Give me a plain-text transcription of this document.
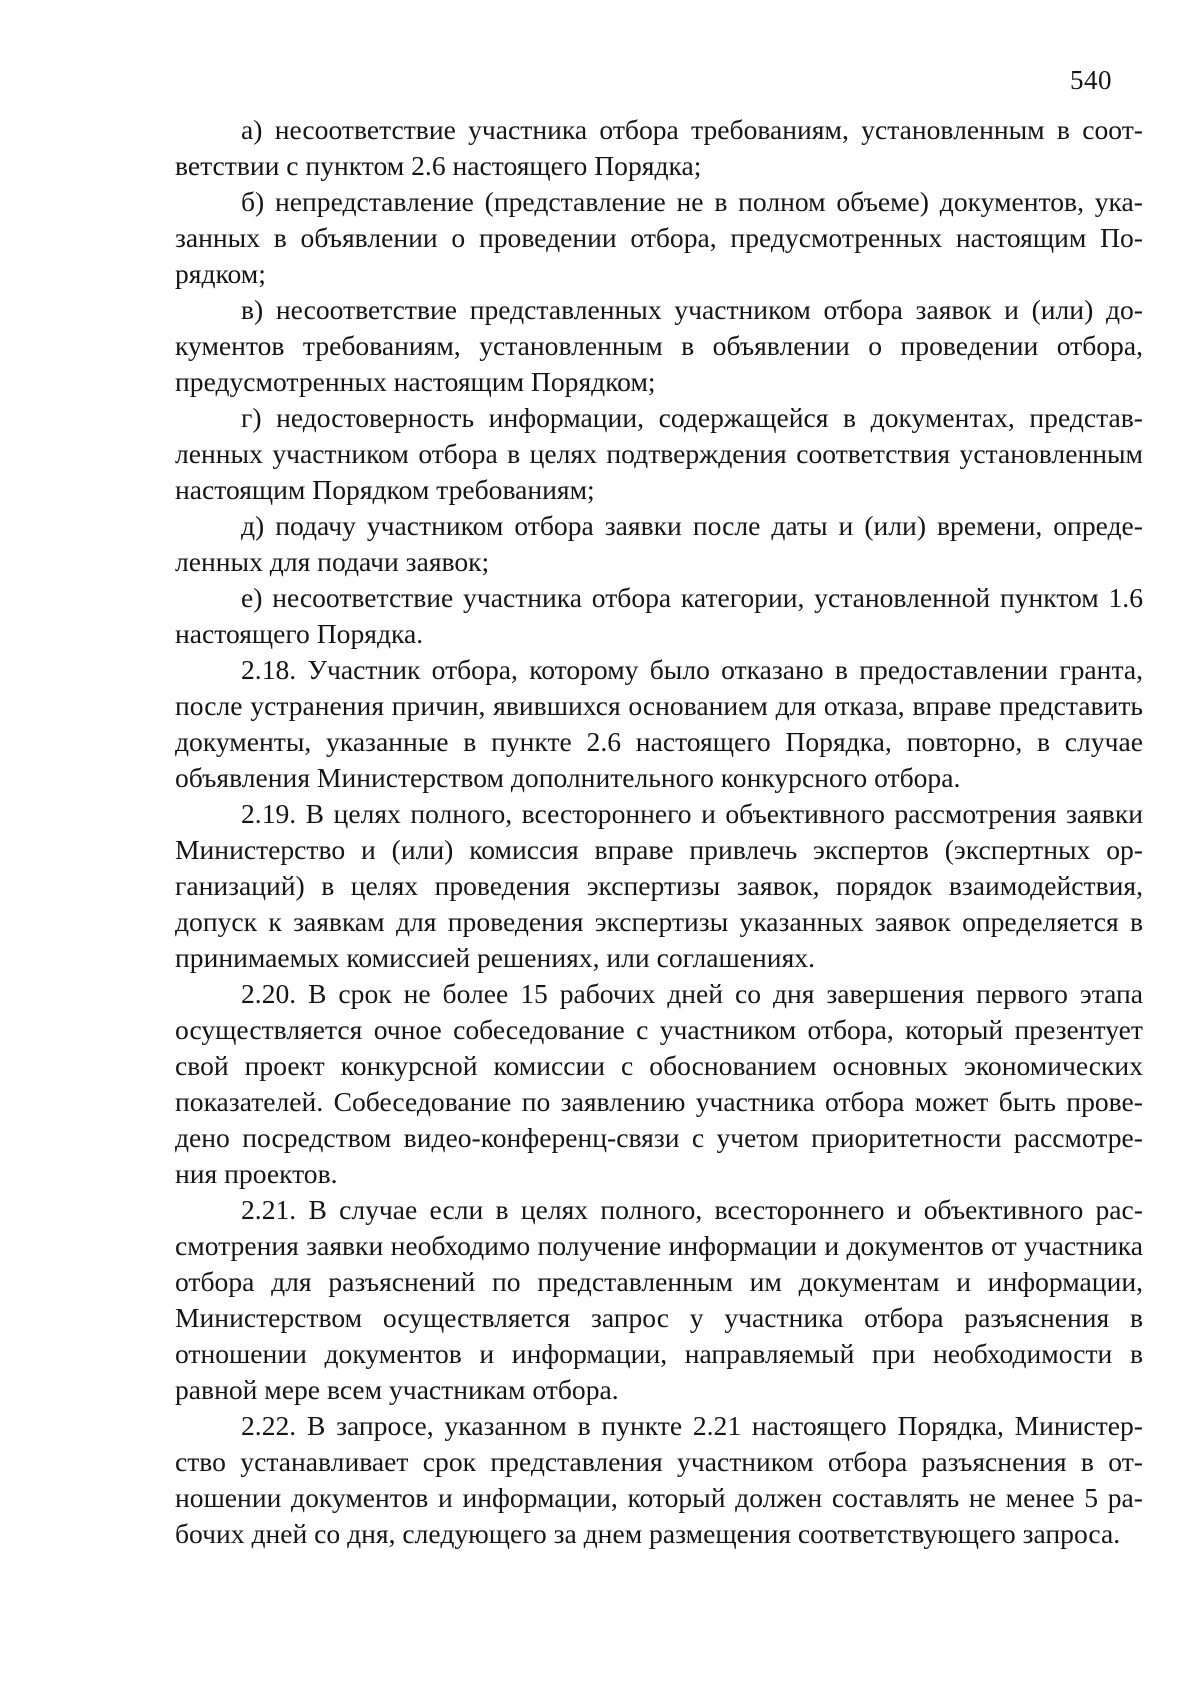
540

а) несоответствие участника отбора требованиям, установленным в соответствии с пунктом 2.6 настоящего Порядка;

б) непредставление (представление не в полном объеме) документов, указанных в объявлении о проведении отбора, предусмотренных настоящим Порядком;

в) несоответствие представленных участником отбора заявок и (или) документов требованиям, установленным в объявлении о проведении отбора, предусмотренных настоящим Порядком;

г) недостоверность информации, содержащейся в документах, представленных участником отбора в целях подтверждения соответствия установленным настоящим Порядком требованиям;

д) подачу участником отбора заявки после даты и (или) времени, определенных для подачи заявок;

е) несоответствие участника отбора категории, установленной пунктом 1.6 настоящего Порядка.

2.18. Участник отбора, которому было отказано в предоставлении гранта, после устранения причин, явившихся основанием для отказа, вправе представить документы, указанные в пункте 2.6 настоящего Порядка, повторно, в случае объявления Министерством дополнительного конкурсного отбора.

2.19. В целях полного, всестороннего и объективного рассмотрения заявки Министерство и (или) комиссия вправе привлечь экспертов (экспертных организаций) в целях проведения экспертизы заявок, порядок взаимодействия, допуск к заявкам для проведения экспертизы указанных заявок определяется в принимаемых комиссией решениях, или соглашениях.

2.20. В срок не более 15 рабочих дней со дня завершения первого этапа осуществляется очное собеседование с участником отбора, который презентует свой проект конкурсной комиссии с обоснованием основных экономических показателей. Собеседование по заявлению участника отбора может быть проведено посредством видео-конференц-связи с учетом приоритетности рассмотрения проектов.

2.21. В случае если в целях полного, всестороннего и объективного рассмотрения заявки необходимо получение информации и документов от участника отбора для разъяснений по представленным им документам и информации, Министерством осуществляется запрос у участника отбора разъяснения в отношении документов и информации, направляемый при необходимости в равной мере всем участникам отбора.

2.22. В запросе, указанном в пункте 2.21 настоящего Порядка, Министерство устанавливает срок представления участником отбора разъяснения в отношении документов и информации, который должен составлять не менее 5 рабочих дней со дня, следующего за днем размещения соответствующего запроса.
